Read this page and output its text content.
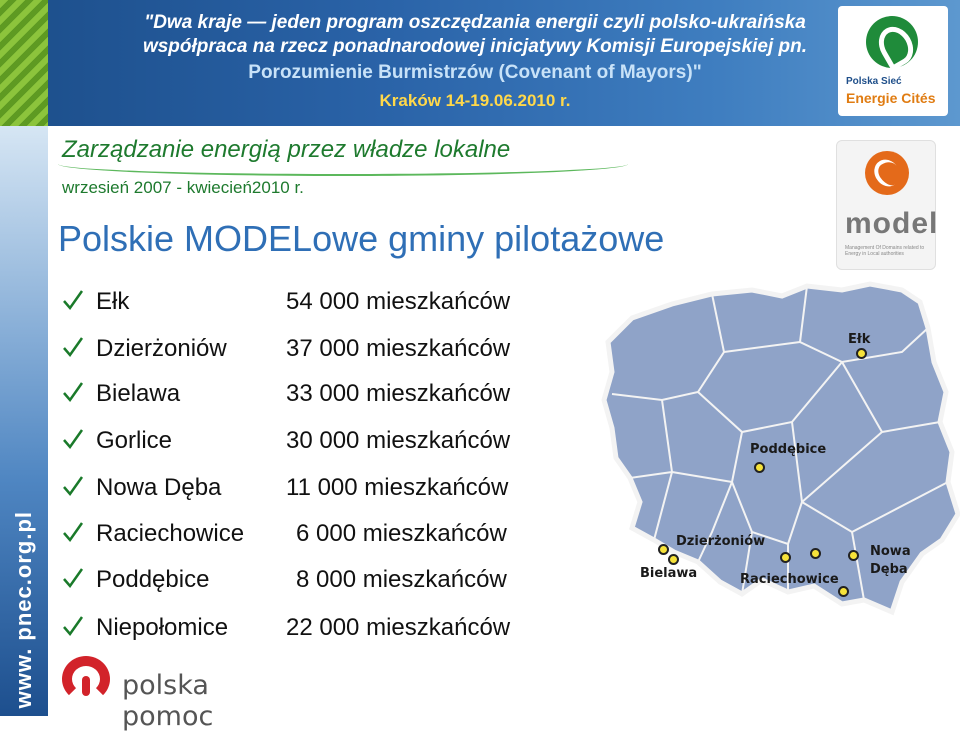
"Dwa kraje — jeden program oszczędzania energii czyli polsko-ukraińska
współpraca na rzecz ponadnarodowej inicjatywy Komisji Europejskiej pn.
Porozumienie Burmistrzów (Covenant of Mayors)"
Kraków 14-19.06.2010 r.
Polska Sieć
Energie Cités
www. pnec.org.pl
Zarządzanie energią przez władze lokalne
wrzesień 2007 - kwiecień2010 r.
Polskie MODELowe gminy pilotażowe	model
Management Of Domains related to Energy in Local authorities
Ełk	54 000 mieszkańców
Dzierżoniów 37 000 mieszkańców
Bielawa	33 000 mieszkańców
Gorlice	30 000 mieszkańców
Nowa Dęba	11 000 mieszkańców
Raciechowice 6 000 mieszkańców
Poddębice	8 000 mieszkańców
Niepołomice 22 000 mieszkańców
Ełk
Poddębice
Dzierżoniów
Bielawa	Raciechowice
Nowa
Dęba
polska pomoc
